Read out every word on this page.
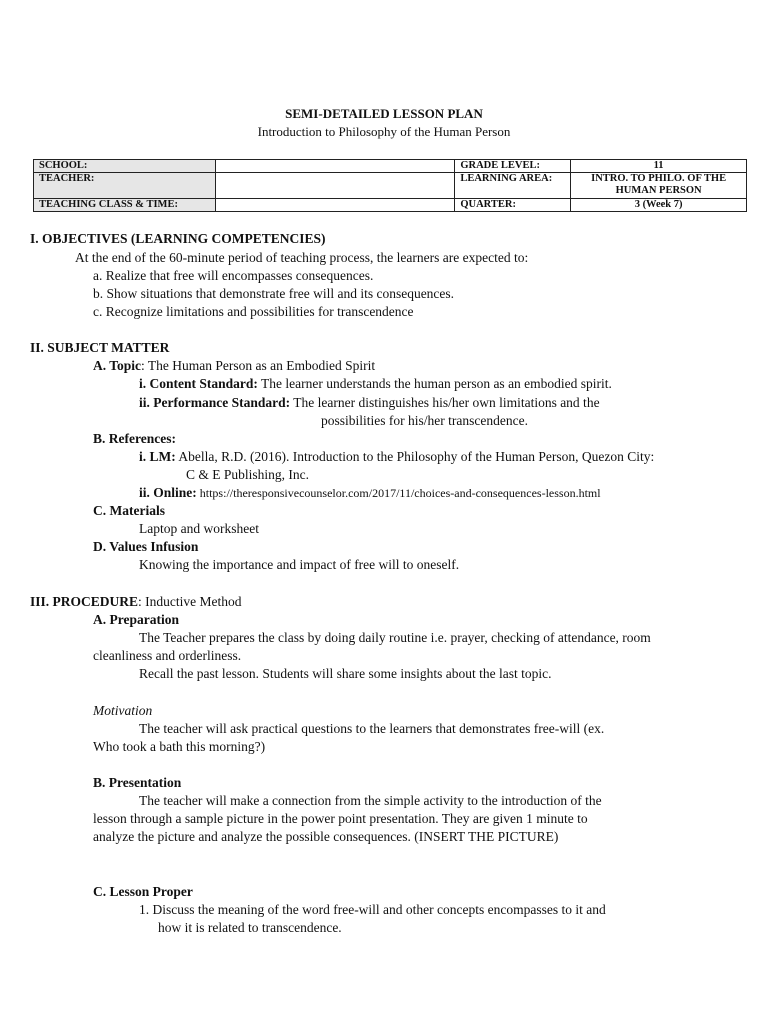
SEMI-DETAILED LESSON PLAN
Introduction to Philosophy of the Human Person
SCHOOL:		GRADE LEVEL:	11
TEACHER:		LEARNING AREA:	INTRO. TO PHILO. OF THE
HUMAN PERSON

TEACHING CLASS & TIME:		QUARTER:	3 (Week 7)
I. OBJECTIVES (LEARNING COMPETENCIES)
At the end of the 60-minute period of teaching process, the learners are expected to:
a. Realize that free will encompasses consequences.
b. Show situations that demonstrate free will and its consequences.
c. Recognize limitations and possibilities for transcendence
II. SUBJECT MATTER
A. Topic: The Human Person as an Embodied Spirit
i. Content Standard: The learner understands the human person as an embodied spirit.
ii. Performance Standard: The learner distinguishes his/her own limitations and the
possibilities for his/her transcendence.
B. References:
i. LM: Abella, R.D. (2016). Introduction to the Philosophy of the Human Person, Quezon City:
C & E Publishing, Inc.
ii. Online: https://theresponsivecounselor.com/2017/11/choices-and-consequences-lesson.html
C. Materials
Laptop and worksheet
D. Values Infusion
Knowing the importance and impact of free will to oneself.
III. PROCEDURE: Inductive Method
A. Preparation
The Teacher prepares the class by doing daily routine i.e. prayer, checking of attendance, room
cleanliness and orderliness.
Recall the past lesson. Students will share some insights about the last topic.
Motivation
The teacher will ask practical questions to the learners that demonstrates free-will (ex.
Who took a bath this morning?)
B. Presentation
The teacher will make a connection from the simple activity to the introduction of the
lesson through a sample picture in the power point presentation. They are given 1 minute to
analyze the picture and analyze the possible consequences. (INSERT THE PICTURE)
C. Lesson Proper
1. Discuss the meaning of the word free-will and other concepts encompasses to it and
how it is related to transcendence.
